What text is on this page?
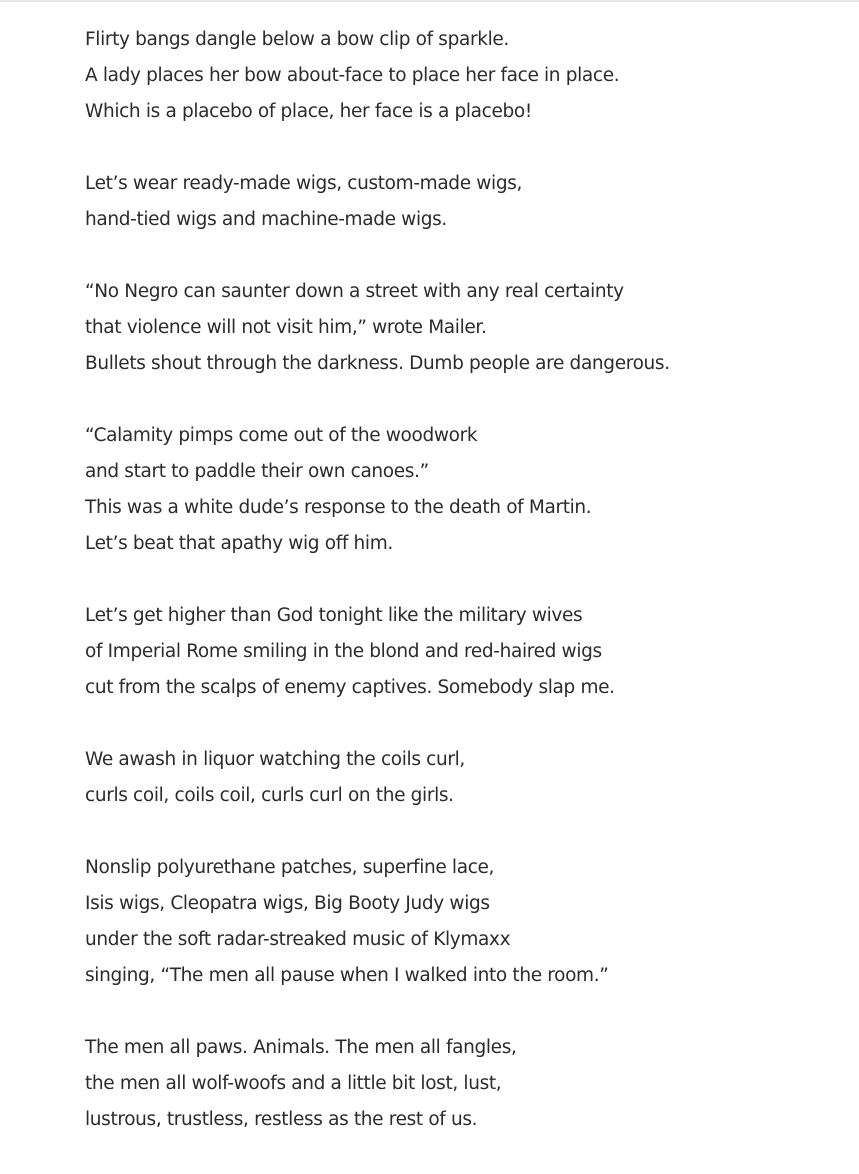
Flirty bangs dangle below a bow clip of sparkle.
A lady places her bow about-face to place her face in place.
Which is a placebo of place, her face is a placebo!
Let’s wear ready-made wigs, custom-made wigs,
hand-tied wigs and machine-made wigs.
“No Negro can saunter down a street with any real certainty
that violence will not visit him,” wrote Mailer.
Bullets shout through the darkness. Dumb people are dangerous.
“Calamity pimps come out of the woodwork
and start to paddle their own canoes.”
This was a white dude’s response to the death of Martin.
Let’s beat that apathy wig off him.
Let’s get higher than God tonight like the military wives
of Imperial Rome smiling in the blond and red-haired wigs
cut from the scalps of enemy captives. Somebody slap me.
We awash in liquor watching the coils curl,
curls coil, coils coil, curls curl on the girls.
Nonslip polyurethane patches, superfine lace,
Isis wigs, Cleopatra wigs, Big Booty Judy wigs
under the soft radar-streaked music of Klymaxx
singing, “The men all pause when I walked into the room.”
The men all paws. Animals. The men all fangles,
the men all wolf-woofs and a little bit lost, lust,
lustrous, trustless, restless as the rest of us.
